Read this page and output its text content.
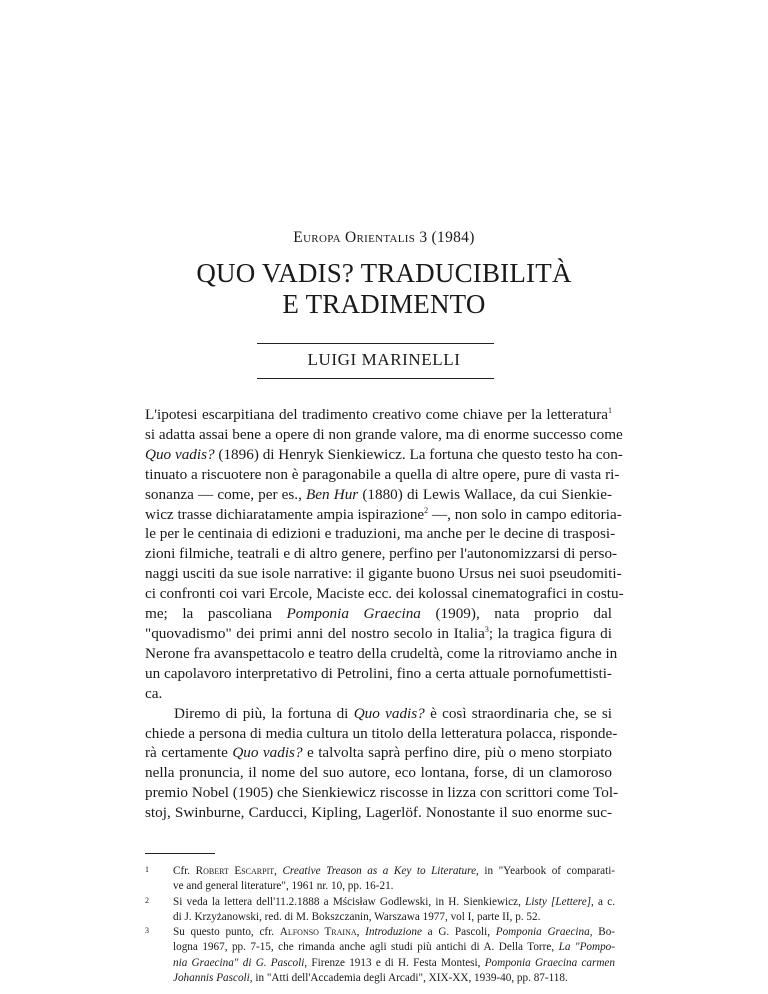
Europa Orientalis 3 (1984)
QUO VADIS? TRADUCIBILITÀ
E TRADIMENTO
LUIGI MARINELLI
L'ipotesi escarpitiana del tradimento creativo come chiave per la letteratura$^1$
si adatta assai bene a opere di non grande valore, ma di enorme successo come
Quo vadis? (1896) di Henryk Sienkiewicz. La fortuna che questo testo ha con-
tinuato a riscuotere non è paragonabile a quella di altre opere, pure di vasta ri-
sonanza — come, per es., Ben Hur (1880) di Lewis Wallace, da cui Sienkie-
wicz trasse dichiaratamente ampia ispirazione$^2$ —, non solo in campo editoria-
le per le centinaia di edizioni e traduzioni, ma anche per le decine di trasposi-
zioni filmiche, teatrali e di altro genere, perfino per l'autonomizzarsi di perso-
naggi usciti da sue isole narrative: il gigante buono Ursus nei suoi pseudomiti-
ci confronti coi vari Ercole, Maciste ecc. dei kolossal cinematografici in costu-
me; la pascoliana Pomponia Graecina (1909), nata proprio dal
"quovadismo" dei primi anni del nostro secolo in Italia$^3$; la tragica figura di
Nerone fra avanspettacolo e teatro della crudeltà, come la ritroviamo anche in
un capolavoro interpretativo di Petrolini, fino a certa attuale pornofumettisti-
ca.
Diremo di più, la fortuna di Quo vadis? è così straordinaria che, se si
chiede a persona di media cultura un titolo della letteratura polacca, risponde-
rà certamente Quo vadis? e talvolta saprà perfino dire, più o meno storpiato
nella pronuncia, il nome del suo autore, eco lontana, forse, di un clamoroso
premio Nobel (1905) che Sienkiewicz riscosse in lizza con scrittori come Tol-
stoj, Swinburne, Carducci, Kipling, Lagerlöf. Nonostante il suo enorme suc-
1 Cfr. Robert Escarpit, Creative Treason as a Key to Literature, in "Yearbook of comparati-
ve and general literature", 1961 nr. 10, pp. 16-21.
2 Si veda la lettera dell'11.2.1888 a Mścisław Godlewski, in H. Sienkiewicz, Listy [Lettere], a c.
di J. Krzyżanowski, red. di M. Bokszczanin, Warszawa 1977, vol I, parte II, p. 52.
3 Su questo punto, cfr. Alfonso Traina, Introduzione a G. Pascoli, Pomponia Graecina, Bo-
logna 1967, pp. 7-15, che rimanda anche agli studi più antichi di A. Della Torre, La "Pompo-
nia Graecina" di G. Pascoli, Firenze 1913 e di H. Festa Montesi, Pomponia Graecina carmen
Johannis Pascoli, in "Atti dell'Accademia degli Arcadi", XIX-XX, 1939-40, pp. 87-118.
